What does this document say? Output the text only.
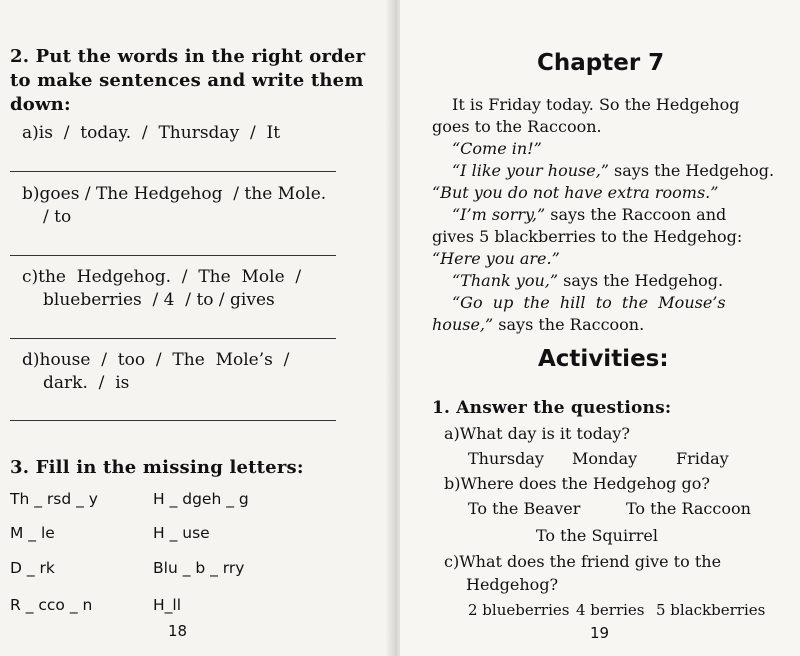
2. Put the words in the right order
to make sentences and write them
down:
a)is  /  today.  /  Thursday  /  It
b)goes / The Hedgehog  / the Mole.
/ to
c)the  Hedgehog.  /  The  Mole  /
blueberries  / 4  / to / gives
d)house  /  too  /  The  Mole’s  /
dark.  /  is
3. Fill in the missing letters:
Th _ rsd _ y	H _ dgeh _ g
M _ le	H _ use
D _ rk	Blu _ b _ rry
R _ cco _ n	H_ll
18
Chapter 7
It is Friday today. So the Hedgehog
goes to the Raccoon.
“Come in!”
“I like your house,” says the Hedgehog.
“But you do not have extra rooms.”
“I’m sorry,” says the Raccoon and
gives 5 blackberries to the Hedgehog:
“Here you are.”
“Thank you,” says the Hedgehog.
“Go  up  the  hill  to  the  Mouse’s
house,” says the Raccoon.
Activities:
1. Answer the questions:
a)What day is it today?
Thursday Monday Friday
b)Where does the Hedgehog go?
To the Beaver	To the Raccoon
To the Squirrel
c)What does the friend give to the
Hedgehog?
2 blueberries 4 berries 5 blackberries
19
